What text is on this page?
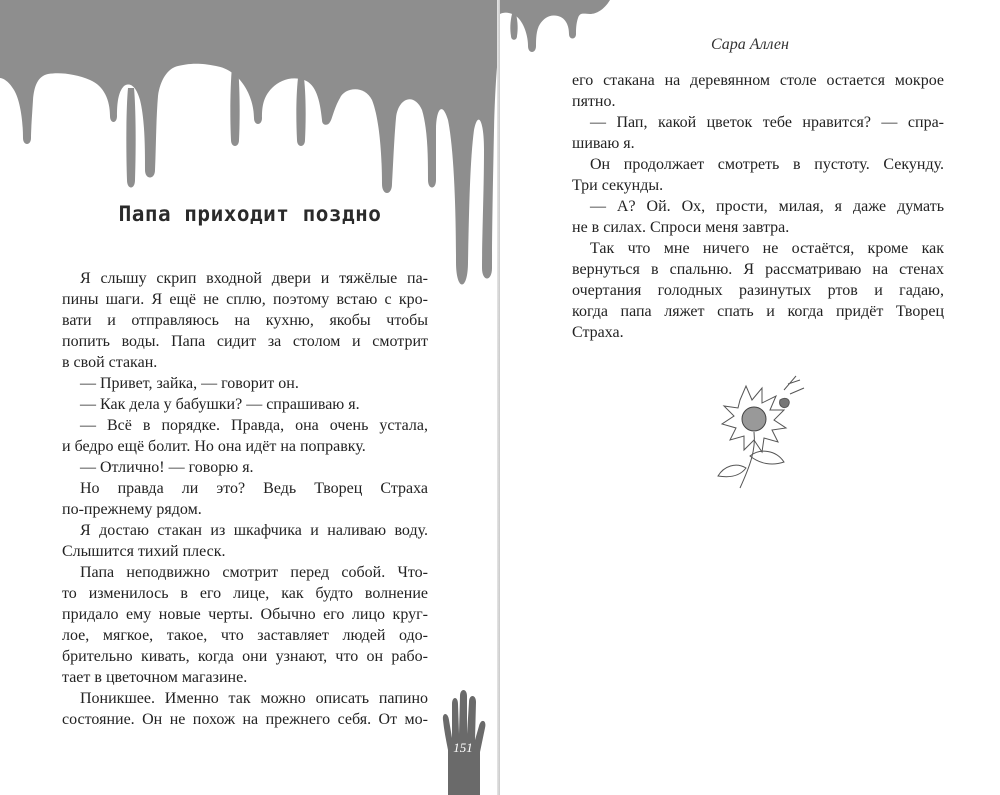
Папа приходит поздно
Я слышу скрип входной двери и тяжёлые па-
пины шаги. Я ещё не сплю, поэтому встаю с кро-
вати и отправляюсь на кухню, якобы чтобы
попить воды. Папа сидит за столом и смотрит
в свой стакан.
— Привет, зайка, — говорит он.
— Как дела у бабушки? — спрашиваю я.
— Всё в порядке. Правда, она очень устала,
и бедро ещё болит. Но она идёт на поправку.
— Отлично! — говорю я.
Но правда ли это? Ведь Творец Страха
по-прежнему рядом.
Я достаю стакан из шкафчика и наливаю воду.
Слышится тихий плеск.
Папа неподвижно смотрит перед собой. Что-
то изменилось в его лице, как будто волнение
придало ему новые черты. Обычно его лицо круг-
лое, мягкое, такое, что заставляет людей одо-
брительно кивать, когда они узнают, что он рабо-
тает в цветочном магазине.
Поникшее. Именно так можно описать папино
состояние. Он не похож на прежнего себя. От мо-
151
Сара Аллен
его стакана на деревянном столе остается мокрое
пятно.
— Пап, какой цветок тебе нравится? — спра-
шиваю я.
Он продолжает смотреть в пустоту. Секунду.
Три секунды.
— А? Ой. Ох, прости, милая, я даже думать
не в силах. Спроси меня завтра.
Так что мне ничего не остаётся, кроме как
вернуться в спальню. Я рассматриваю на стенах
очертания голодных разинутых ртов и гадаю,
когда папа ляжет спать и когда придёт Творец
Страха.
